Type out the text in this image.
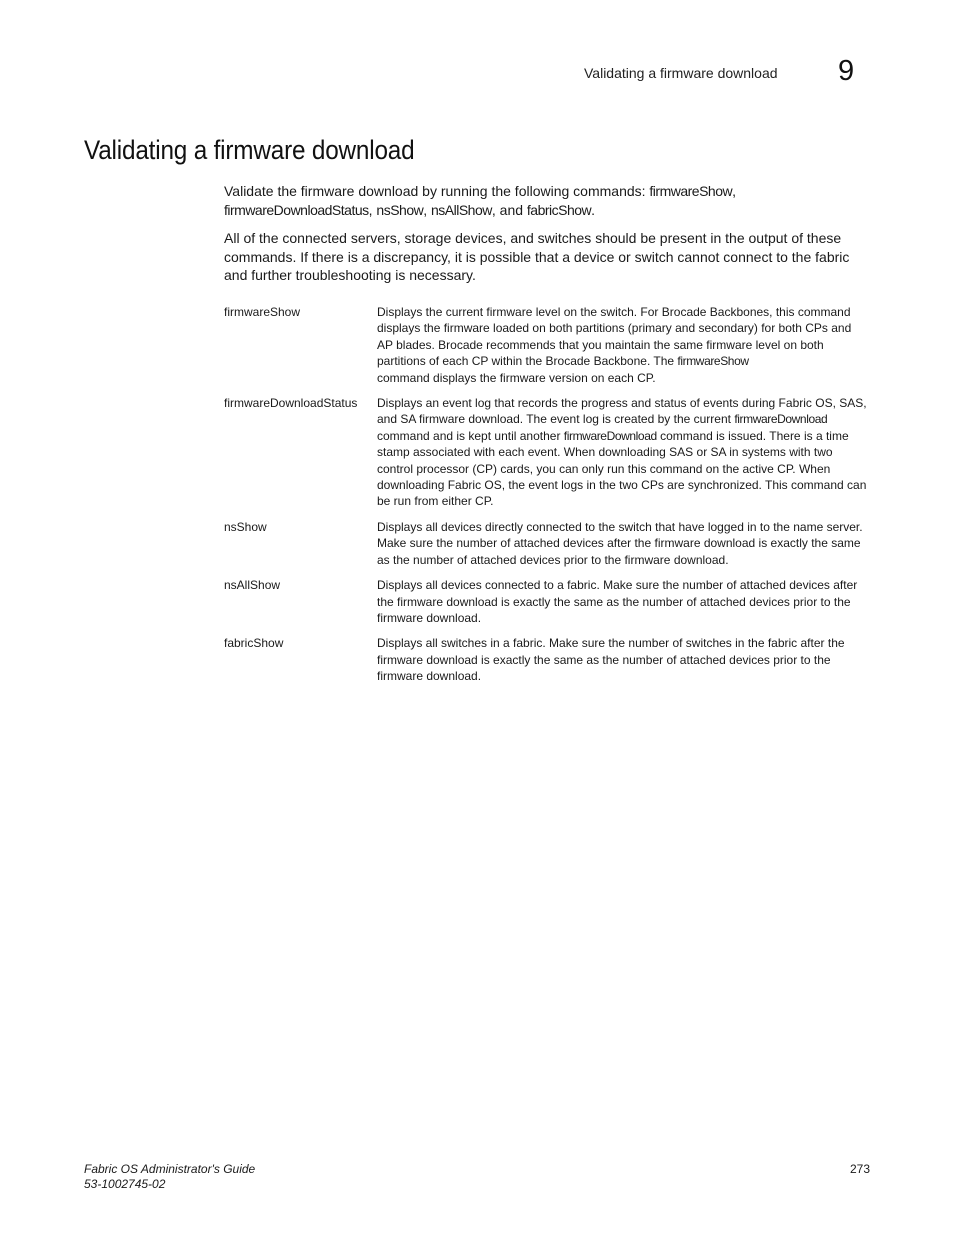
Validating a firmware download 9
Validating a firmware download

Validate the firmware download by running the following commands: firmwareShow,
firmwareDownloadStatus, nsShow, nsAllShow, and fabricShow.

All of the connected servers, storage devices, and switches should be present in the output of these commands. If there is a discrepancy, it is possible that a device or switch cannot connect to the fabric and further troubleshooting is necessary.

firmwareShow	Displays the current firmware level on the switch. For Brocade Backbones, this command displays the firmware loaded on both partitions (primary and secondary) for both CPs and AP blades. Brocade recommends that you maintain the same firmware level on both partitions of each CP within the Brocade Backbone. The firmwareShow
command displays the firmware version on each CP.
firmwareDownloadStatus	Displays an event log that records the progress and status of events during Fabric OS, SAS, and SA firmware download. The event log is created by the current firmwareDownload command and is kept until another firmwareDownload command is issued. There is a time stamp associated with each event. When downloading SAS or SA in systems with two control processor (CP) cards, you can only run this command on the active CP. When downloading Fabric OS, the event logs in the two CPs are synchronized. This command can be run from either CP.
nsShow	Displays all devices directly connected to the switch that have logged in to the name server. Make sure the number of attached devices after the firmware download is exactly the same as the number of attached devices prior to the firmware download.
nsAllShow	Displays all devices connected to a fabric. Make sure the number of attached devices after the firmware download is exactly the same as the number of attached devices prior to the firmware download.
fabricShow	Displays all switches in a fabric. Make sure the number of switches in the fabric after the firmware download is exactly the same as the number of attached devices prior to the firmware download.
Fabric OS Administrator's Guide
53-1002745-02
273
